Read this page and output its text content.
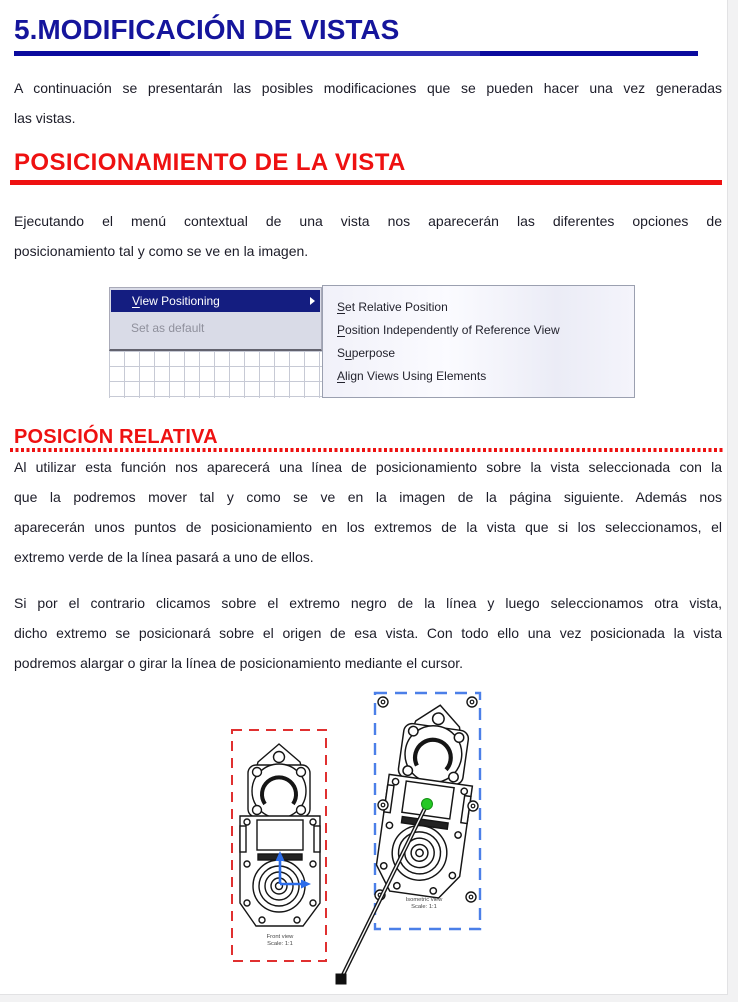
5.MODIFICACIÓN DE VISTAS
A continuación se presentarán las posibles modificaciones que se pueden hacer una vez generadas
las vistas.
POSICIONAMIENTO DE LA VISTA
Ejecutando el menú contextual de una vista nos aparecerán las diferentes opciones de
posicionamiento tal y como se ve en la imagen.
View Positioning
Set as default
Set Relative Position
Position Independently of Reference View
Superpose
Align Views Using Elements
POSICIÓN RELATIVA
Al utilizar esta función nos aparecerá una línea de posicionamiento sobre la vista seleccionada con la
que la podremos mover tal y como se ve en la imagen de la página siguiente. Además nos
aparecerán unos puntos de posicionamiento en los extremos de la vista que si los seleccionamos, el
extremo verde de la línea pasará a uno de ellos.
Si por el contrario clicamos sobre el extremo negro de la línea y luego seleccionamos otra vista,
dicho extremo se posicionará sobre el origen de esa vista. Con todo ello una vez posicionada la vista
podremos alargar o girar la línea de posicionamiento mediante el cursor.
Front view
Scale: 1:1
Isometric view
Scale: 1:1
